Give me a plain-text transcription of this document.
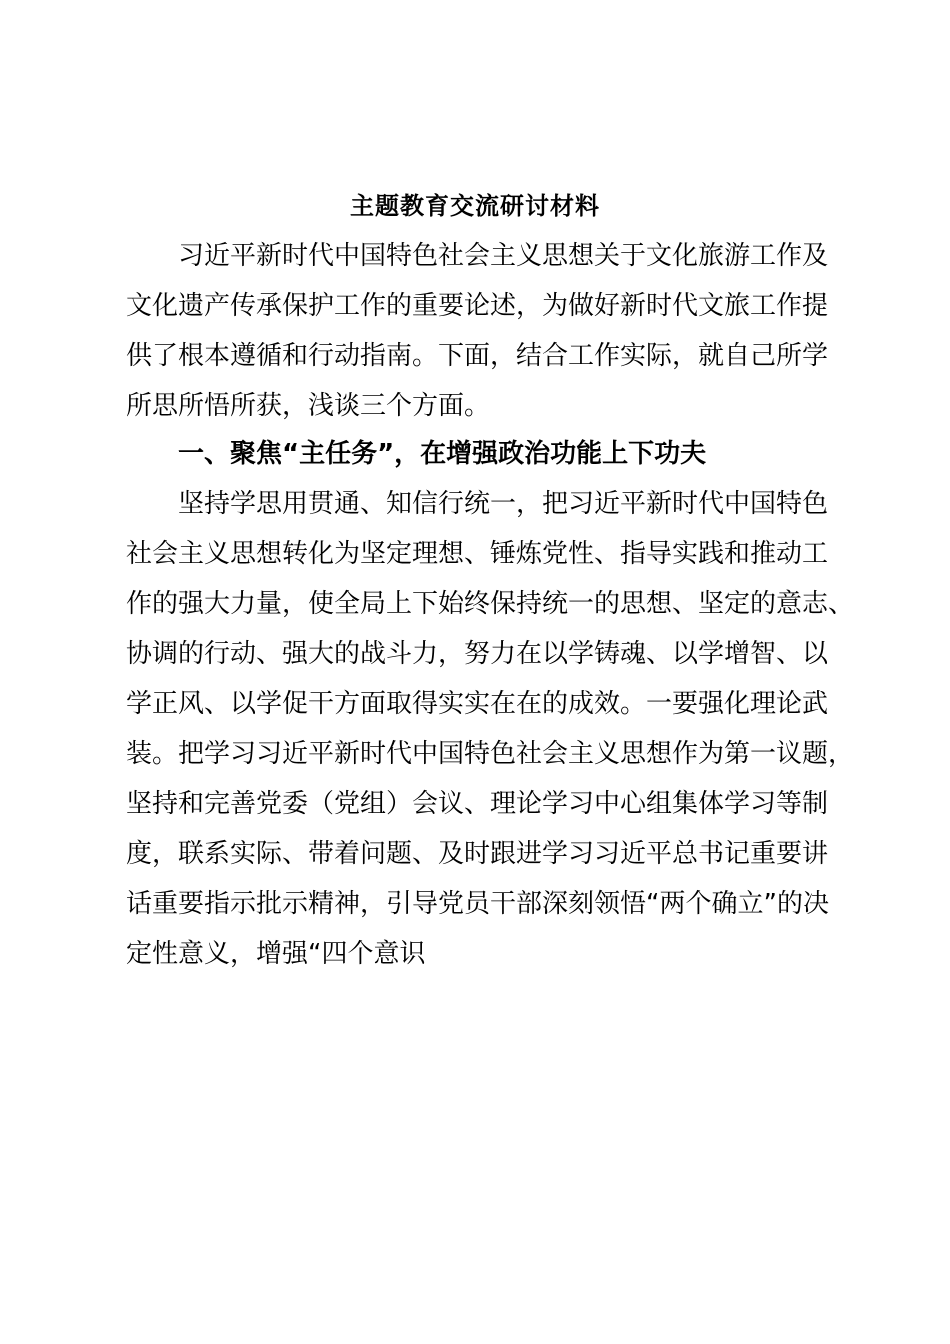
主题教育交流研讨材料
习近平新时代中国特色社会主义思想关于文化旅游工作及
文化遗产传承保护工作的重要论述，为做好新时代文旅工作提
供了根本遵循和行动指南。下面，结合工作实际，就自己所学
所思所悟所获，浅谈三个方面。
一、聚焦“主任务”，在增强政治功能上下功夫
坚持学思用贯通、知信行统一，把习近平新时代中国特色
社会主义思想转化为坚定理想、锤炼党性、指导实践和推动工
作的强大力量，使全局上下始终保持统一的思想、坚定的意志、
协调的行动、强大的战斗力，努力在以学铸魂、以学增智、以
学正风、以学促干方面取得实实在在的成效。一要强化理论武
装。把学习习近平新时代中国特色社会主义思想作为第一议题，
坚持和完善党委（党组）会议、理论学习中心组集体学习等制
度，联系实际、带着问题、及时跟进学习习近平总书记重要讲
话重要指示批示精神，引导党员干部深刻领悟“两个确立”的决
定性意义，增强“四个意识
